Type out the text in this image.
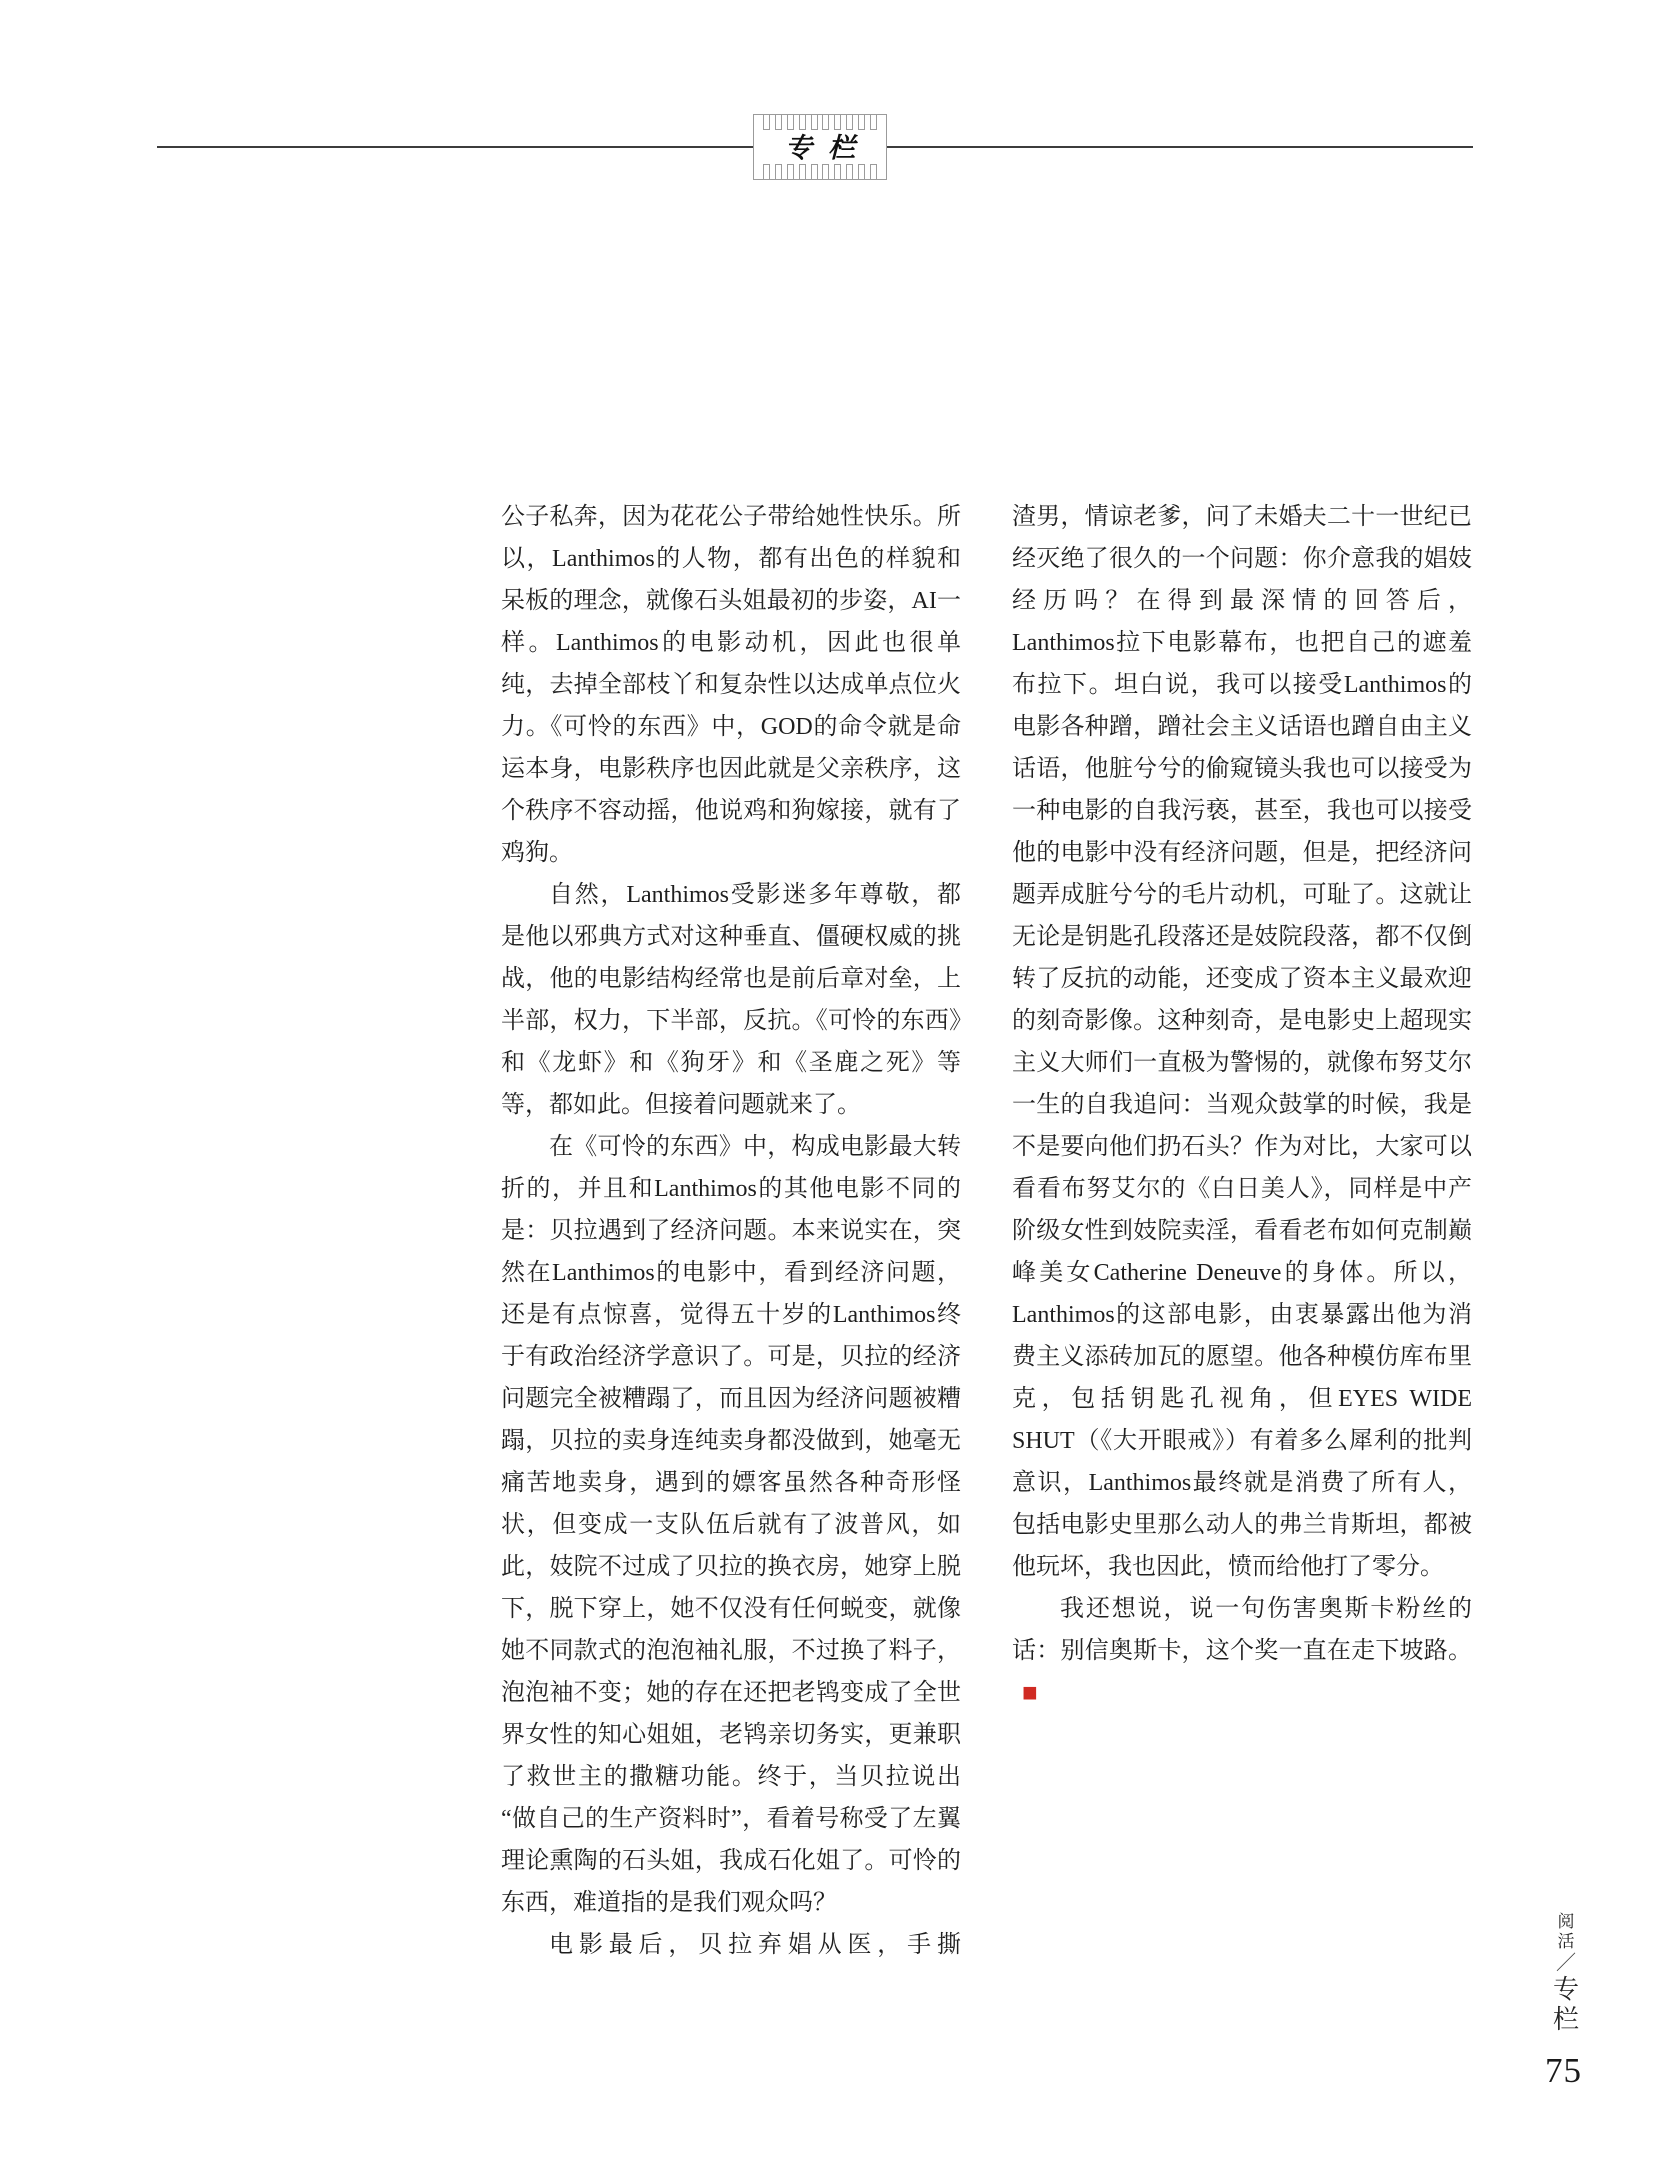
专栏

公子私奔，因为花花公子带给她性快乐。所以，Lanthimos的人物，都有出色的样貌和呆板的理念，就像石头姐最初的步姿，AI一样。Lanthimos的电影动机，因此也很单纯，去掉全部枝丫和复杂性以达成单点位火力。《可怜的东西》中，GOD的命令就是命运本身，电影秩序也因此就是父亲秩序，这个秩序不容动摇，他说鸡和狗嫁接，就有了鸡狗。

自然，Lanthimos受影迷多年尊敬，都是他以邪典方式对这种垂直、僵硬权威的挑战，他的电影结构经常也是前后章对垒，上半部，权力，下半部，反抗。《可怜的东西》和《龙虾》和《狗牙》和《圣鹿之死》等等，都如此。但接着问题就来了。

在《可怜的东西》中，构成电影最大转折的，并且和Lanthimos的其他电影不同的是：贝拉遇到了经济问题。本来说实在，突然在Lanthimos的电影中，看到经济问题，还是有点惊喜，觉得五十岁的Lanthimos终于有政治经济学意识了。可是，贝拉的经济问题完全被糟蹋了，而且因为经济问题被糟蹋，贝拉的卖身连纯卖身都没做到，她毫无痛苦地卖身，遇到的嫖客虽然各种奇形怪状，但变成一支队伍后就有了波普风，如此，妓院不过成了贝拉的换衣房，她穿上脱下，脱下穿上，她不仅没有任何蜕变，就像她不同款式的泡泡袖礼服，不过换了料子，泡泡袖不变；她的存在还把老鸨变成了全世界女性的知心姐姐，老鸨亲切务实，更兼职了救世主的撒糖功能。终于，当贝拉说出“做自己的生产资料时”，看着号称受了左翼理论熏陶的石头姐，我成石化姐了。可怜的东西，难道指的是我们观众吗？

电影最后，贝拉弃娼从医，手撕

渣男，情谅老爹，问了未婚夫二十一世纪已经灭绝了很久的一个问题：你介意我的娼妓经历吗？在得到最深情的回答后，Lanthimos拉下电影幕布，也把自己的遮羞布拉下。坦白说，我可以接受Lanthimos的电影各种蹭，蹭社会主义话语也蹭自由主义话语，他脏兮兮的偷窥镜头我也可以接受为一种电影的自我污亵，甚至，我也可以接受他的电影中没有经济问题，但是，把经济问题弄成脏兮兮的毛片动机，可耻了。这就让无论是钥匙孔段落还是妓院段落，都不仅倒转了反抗的动能，还变成了资本主义最欢迎的刻奇影像。这种刻奇，是电影史上超现实主义大师们一直极为警惕的，就像布努艾尔一生的自我追问：当观众鼓掌的时候，我是不是要向他们扔石头？作为对比，大家可以看看布努艾尔的《白日美人》，同样是中产阶级女性到妓院卖淫，看看老布如何克制巅峰美女Catherine Deneuve的身体。所以，Lanthimos的这部电影，由衷暴露出他为消费主义添砖加瓦的愿望。他各种模仿库布里克，包括钥匙孔视角，但EYES WIDE SHUT（《大开眼戒》）有着多么犀利的批判意识，Lanthimos最终就是消费了所有人，包括电影史里那么动人的弗兰肯斯坦，都被他玩坏，我也因此，愤而给他打了零分。

我还想说，说一句伤害奥斯卡粉丝的话：别信奥斯卡，这个奖一直在走下坡路。■

阅活／专栏
75
